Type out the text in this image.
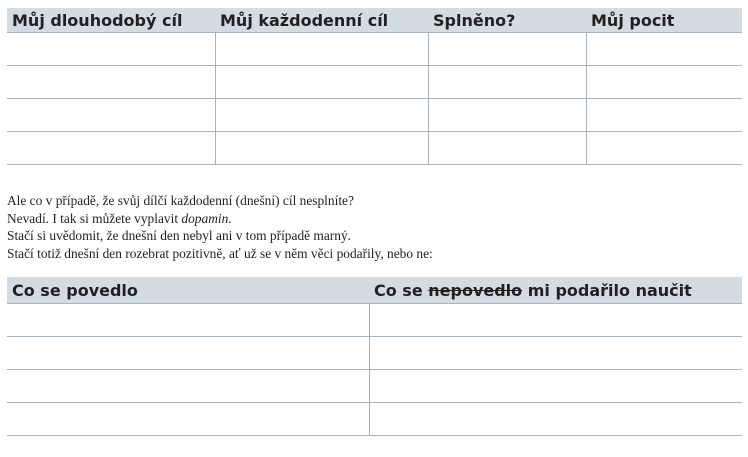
Můj dlouhodobý cíl	Můj každodenní cíl	Splněno?	Můj pocit

Ale co v případě, že svůj dílčí každodenní (dnešní) cíl nesplníte?

Nevadí. I tak si můžete vyplavit dopamin.

Stačí si uvědomit, že dnešní den nebyl ani v tom případě marný.

Stačí totiž dnešní den rozebrat pozitivně, ať už se v něm věci podařily, nebo ne:

Co se povedlo	Co se nepovedlo mi podařilo naučit
